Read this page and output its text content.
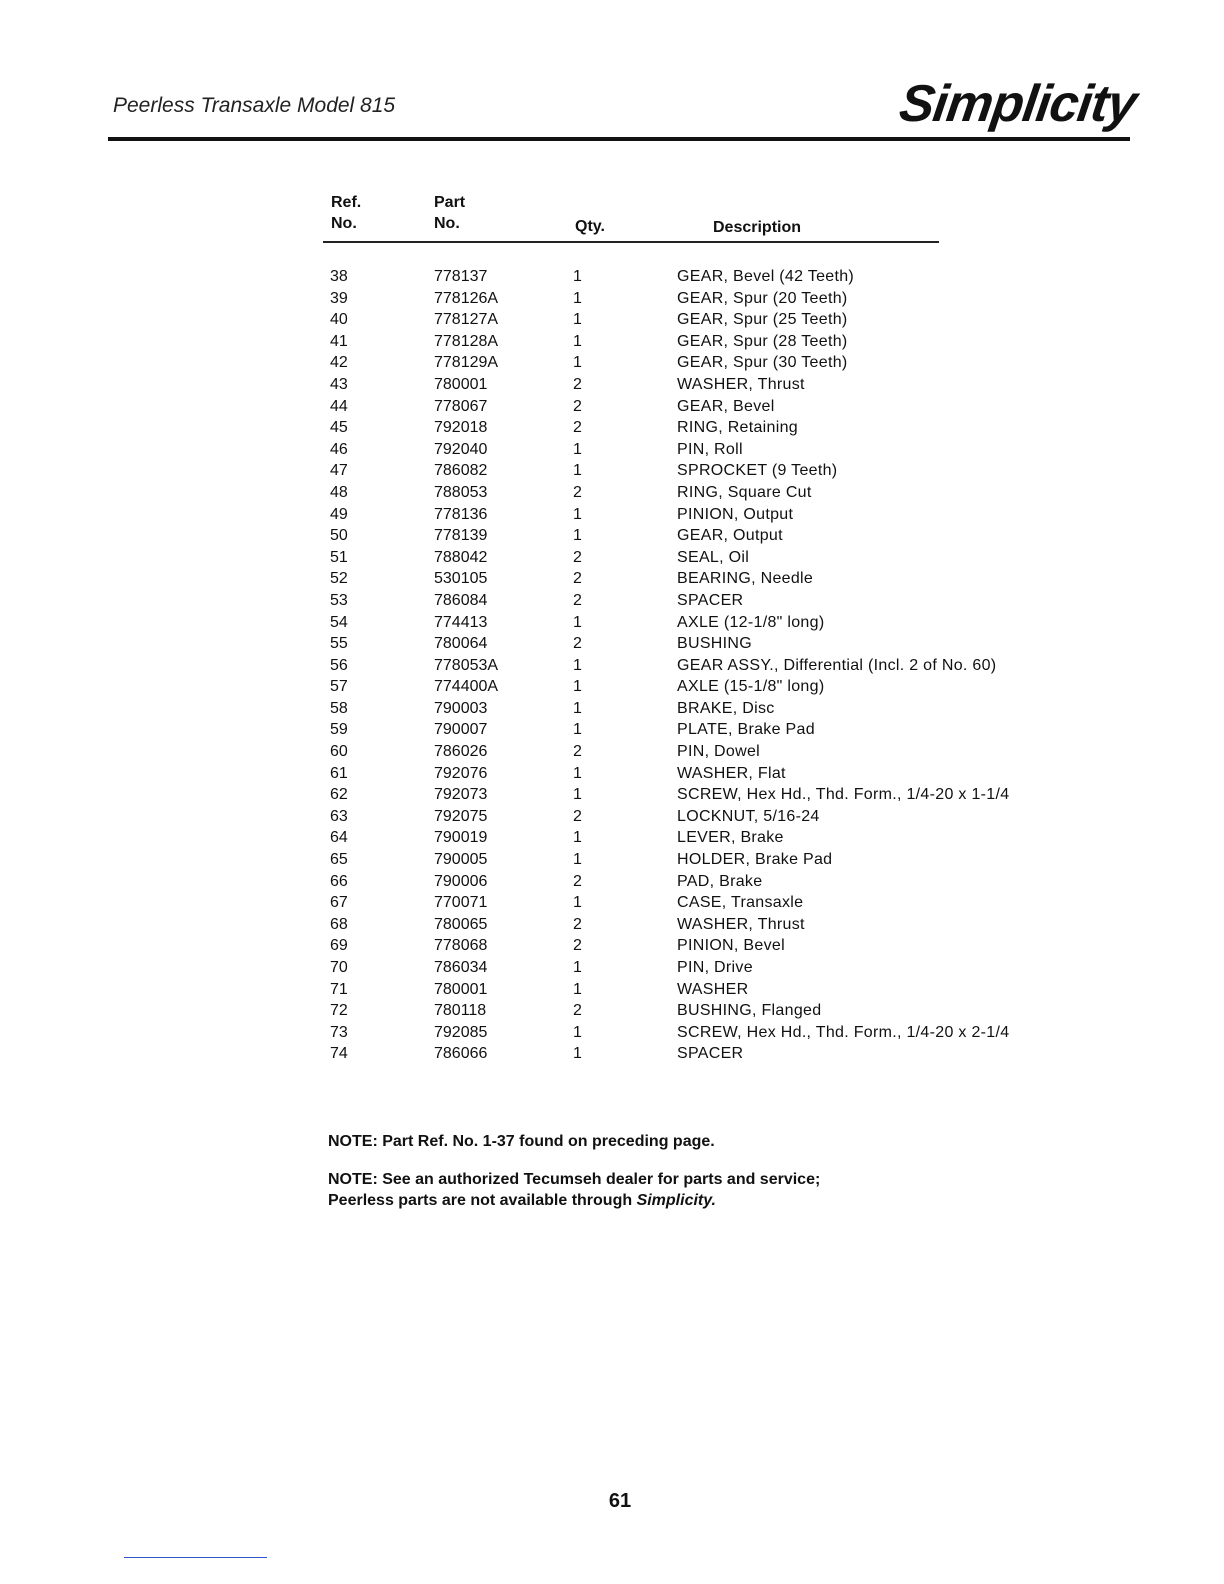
Peerless Transaxle Model 815	Simplicity
Ref.
No.
Part
No.	Qty.	Description
38	778137	1	GEAR, Bevel (42 Teeth)
39	778126A	1	GEAR, Spur (20 Teeth)
40	778127A	1	GEAR, Spur (25 Teeth)
41	778128A	1	GEAR, Spur (28 Teeth)
42	778129A	1	GEAR, Spur (30 Teeth)
43	780001	2	WASHER, Thrust
44	778067	2	GEAR, Bevel
45	792018	2	RING, Retaining
46	792040	1	PIN, Roll
47	786082	1	SPROCKET (9 Teeth)
48	788053	2	RING, Square Cut
49	778136	1	PINION, Output
50	778139	1	GEAR, Output
51	788042	2	SEAL, Oil
52	530105	2	BEARING, Needle
53	786084	2	SPACER
54	774413	1	AXLE (12-1/8" long)
55	780064	2	BUSHING
56	778053A	1	GEAR ASSY., Differential (Incl. 2 of No. 60)
57	774400A	1	AXLE (15-1/8" long)
58	790003	1	BRAKE, Disc
59	790007	1	PLATE, Brake Pad
60	786026	2	PIN, Dowel
61	792076	1	WASHER, Flat
62	792073	1	SCREW, Hex Hd., Thd. Form., 1/4-20 x 1-1/4
63	792075	2	LOCKNUT, 5/16-24
64	790019	1	LEVER, Brake
65	790005	1	HOLDER, Brake Pad
66	790006	2	PAD, Brake
67	770071	1	CASE, Transaxle
68	780065	2	WASHER, Thrust
69	778068	2	PINION, Bevel
70	786034	1	PIN, Drive
71	780001	1	WASHER
72	780118	2	BUSHING, Flanged
73	792085	1	SCREW, Hex Hd., Thd. Form., 1/4-20 x 2-1/4
74	786066	1	SPACER
NOTE: Part Ref. No. 1-37 found on preceding page.
NOTE: See an authorized Tecumseh dealer for parts and service;
Peerless parts are not available through Simplicity.
61
